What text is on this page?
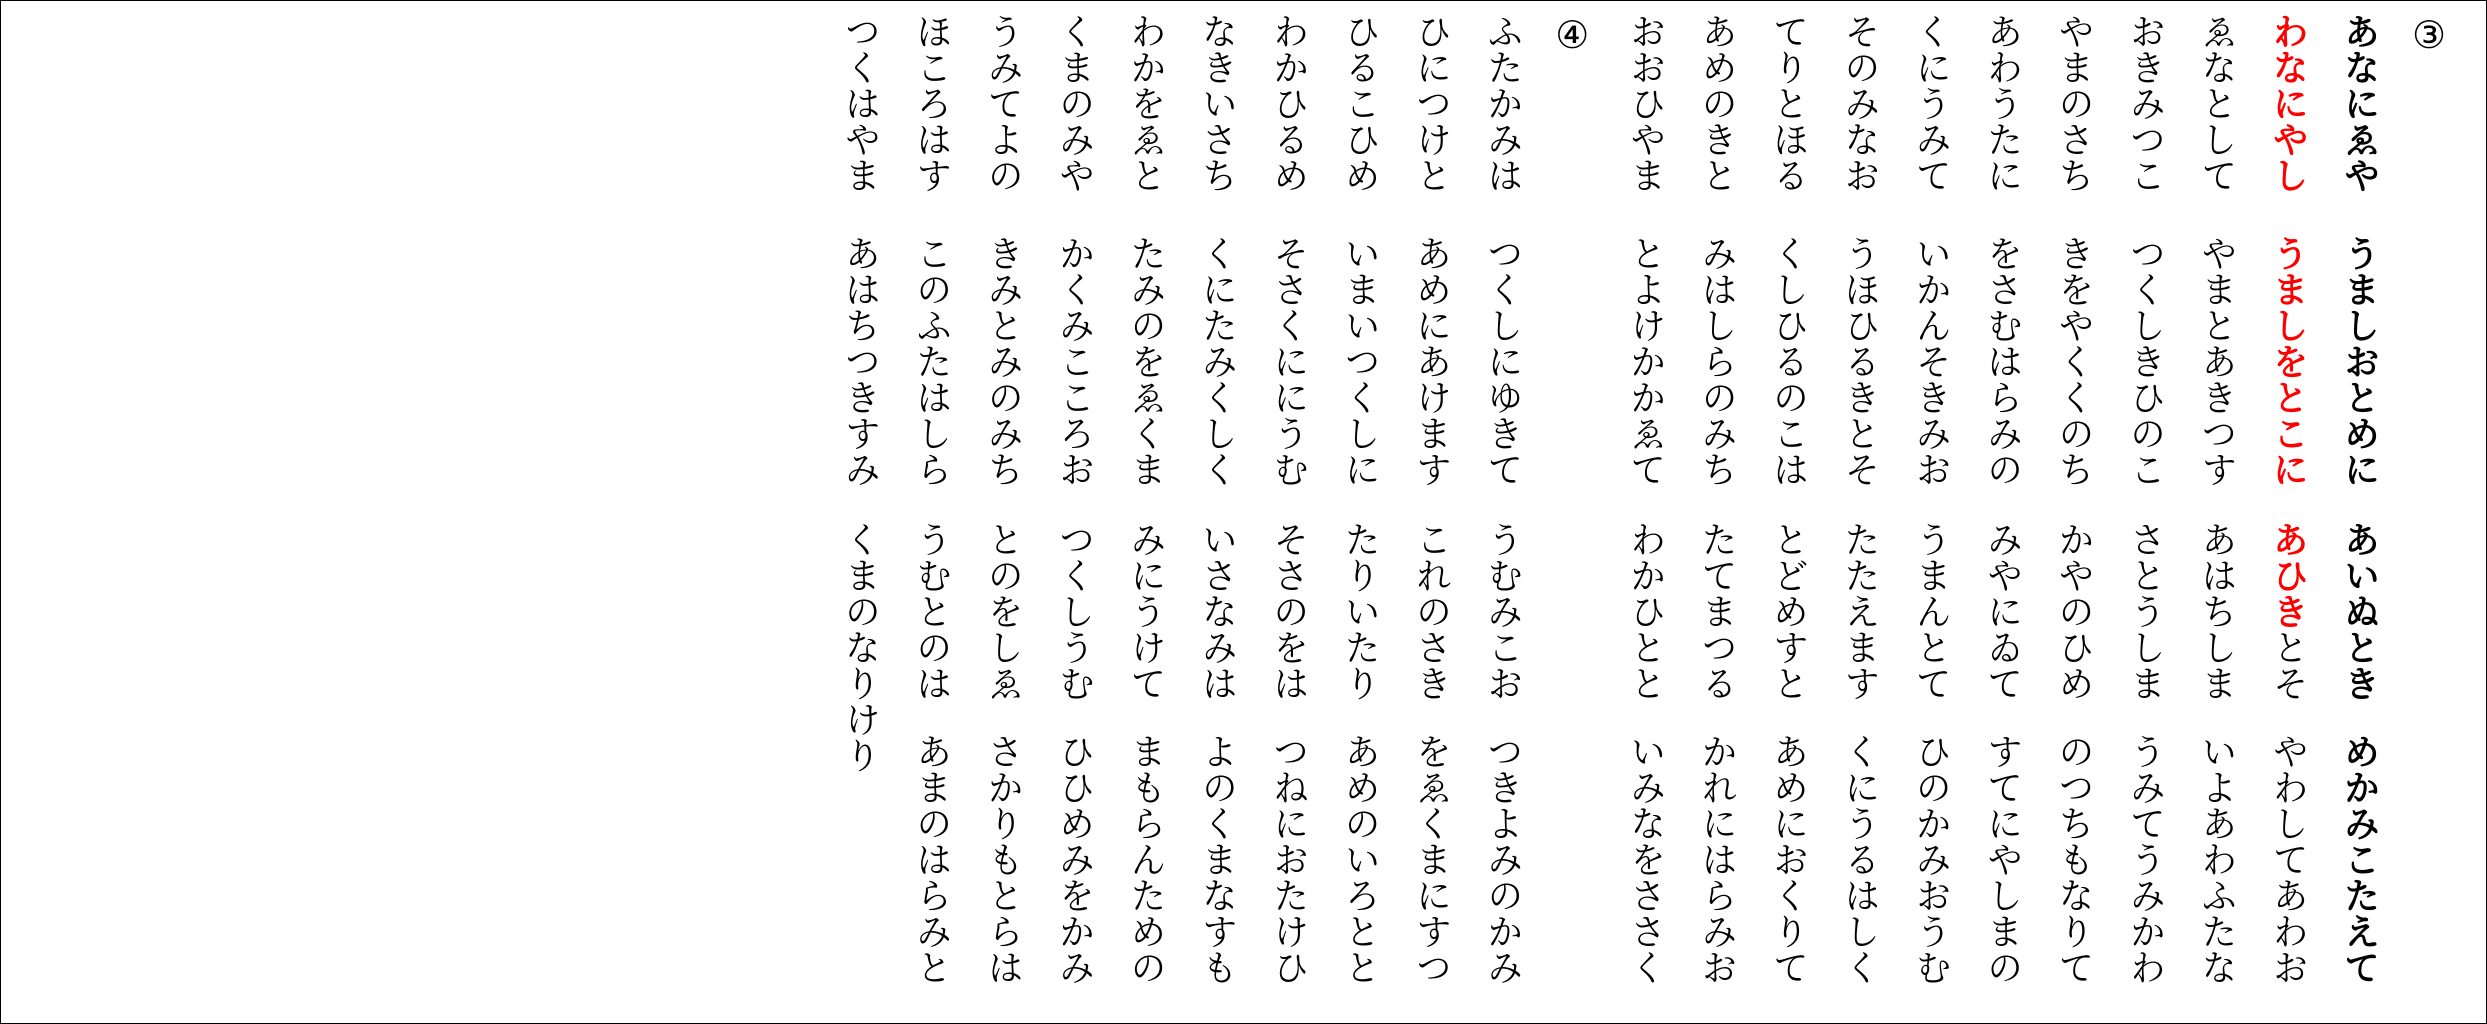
③
あなにゑや
うましおとめに
あいぬとき
めかみこたえて
わなにやし
うましをとこに
あひきとそ
やわしてあわお
ゑなとして
やまとあきつす
あはちしま
いよあわふたな
おきみつこ
つくしきひのこ
さとうしま
うみてうみかわ
やまのさち
きをやくくのち
かやのひめ
のつちもなりて
あわうたに
をさむはらみの
みやにゐて
すてにやしまの
くにうみて
いかんそきみお
うまんとて
ひのかみおうむ
そのみなお
うほひるきとそ
たたえます
くにうるはしく
てりとほる
くしひるのこは
とどめすと
あめにおくりて
あめのきと
みはしらのみち
たてまつる
かれにはらみお
おおひやま
とよけかかゑて
わかひとと
いみなをささく
④
ふたかみは
つくしにゆきて
うむみこお
つきよみのかみ
ひにつけと
あめにあけます
これのさき
をゑくまにすつ
ひるこひめ
いまいつくしに
たりいたり
あめのいろとと
わかひるめ
そさくににうむ
そさのをは
つねにおたけひ
なきいさち
くにたみくしく
いさなみは
よのくまなすも
わかをゑと
たみのをゑくま
みにうけて
まもらんための
くまのみや
かくみこころお
つくしうむ
ひひめみをかみ
うみてよの
きみとみのみち
とのをしゑ
さかりもとらは
ほころはす
このふたはしら
うむとのは
あまのはらみと
つくはやま
あはちつきすみ
くまのなりけり
